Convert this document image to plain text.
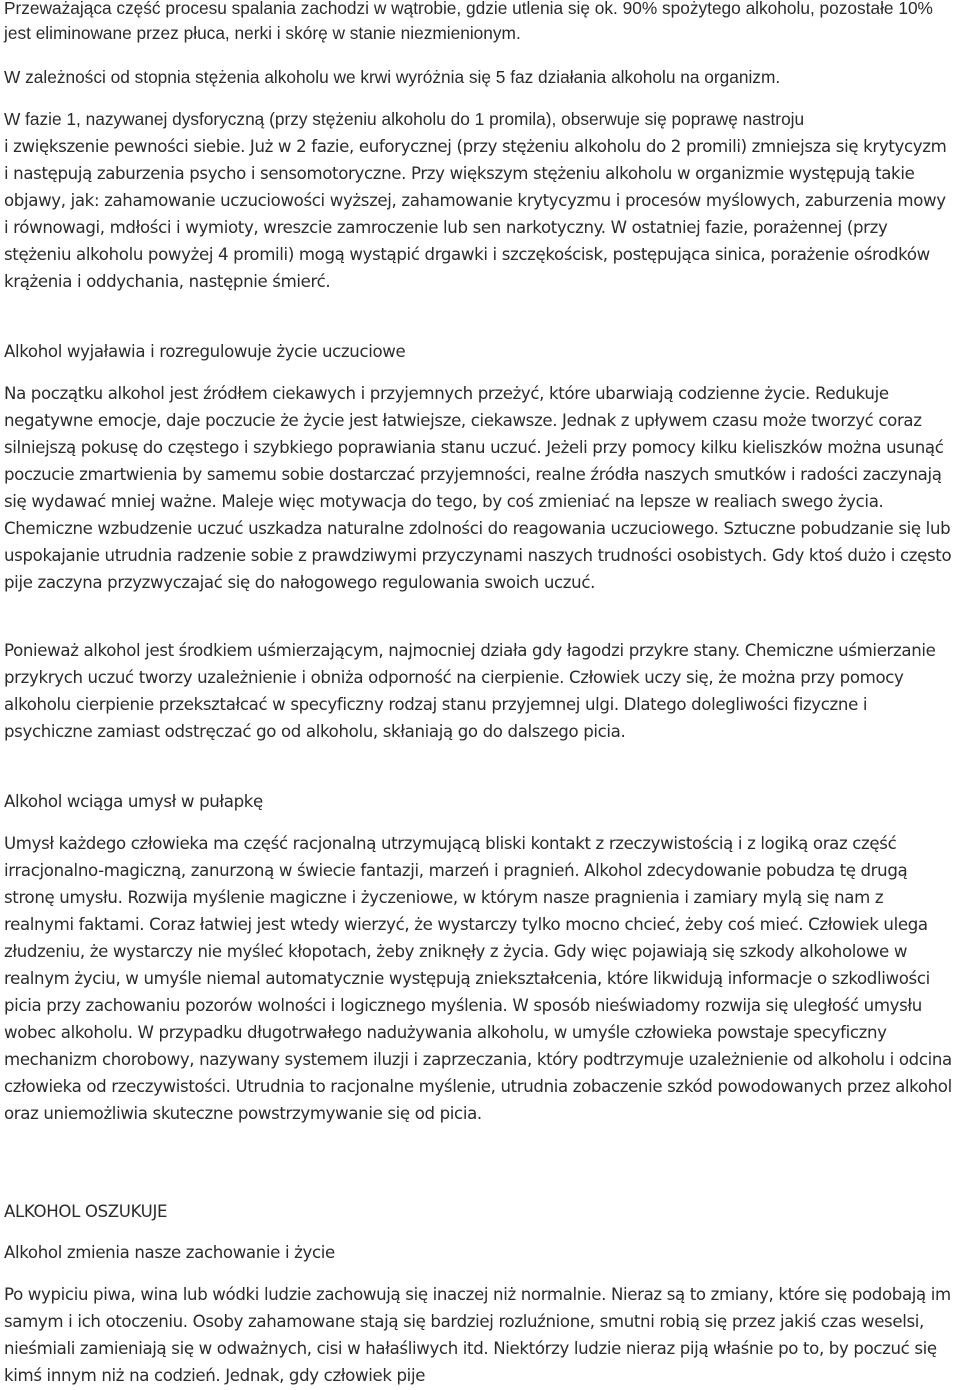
Przeważająca część procesu spalania zachodzi w wątrobie, gdzie utlenia się ok. 90% spożytego alkoholu, pozostałe 10% jest eliminowane przez płuca, nerki i skórę w stanie niezmienionym.

W zależności od stopnia stężenia alkoholu we krwi wyróżnia się 5 faz działania alkoholu na organizm.

W fazie 1, nazywanej dysforyczną (przy stężeniu alkoholu do 1 promila), obserwuje się poprawę nastroju

i zwiększenie pewności siebie. Już w 2 fazie, euforycznej (przy stężeniu alkoholu do 2 promili) zmniejsza się krytycyzm i następują zaburzenia psycho i sensomotoryczne. Przy większym stężeniu alkoholu w organizmie występują takie objawy, jak: zahamowanie uczuciowości wyższej, zahamowanie krytycyzmu i procesów myślowych, zaburzenia mowy i równowagi, mdłości i wymioty, wreszcie zamroczenie lub sen narkotyczny. W ostatniej fazie, porażennej (przy stężeniu alkoholu powyżej 4 promili) mogą wystąpić drgawki i szczękościsk, postępująca sinica, porażenie ośrodków krążenia i oddychania, następnie śmierć.

Alkohol wyjaławia i rozregulowuje życie uczuciowe

Na początku alkohol jest źródłem ciekawych i przyjemnych przeżyć, które ubarwiają codzienne życie. Redukuje negatywne emocje, daje poczucie że życie jest łatwiejsze, ciekawsze. Jednak z upływem czasu może tworzyć coraz silniejszą pokusę do częstego i szybkiego poprawiania stanu uczuć. Jeżeli przy pomocy kilku kieliszków można usunąć poczucie zmartwienia by samemu sobie dostarczać przyjemności, realne źródła naszych smutków i radości zaczynają się wydawać mniej ważne. Maleje więc motywacja do tego, by coś zmieniać na lepsze w realiach swego życia. Chemiczne wzbudzenie uczuć uszkadza naturalne zdolności do reagowania uczuciowego. Sztuczne pobudzanie się lub uspokajanie utrudnia radzenie sobie z prawdziwymi przyczynami naszych trudności osobistych. Gdy ktoś dużo i często pije zaczyna przyzwyczajać się do nałogowego regulowania swoich uczuć.

Ponieważ alkohol jest środkiem uśmierzającym, najmocniej działa gdy łagodzi przykre stany. Chemiczne uśmierzanie przykrych uczuć tworzy uzależnienie i obniża odporność na cierpienie. Człowiek uczy się, że można przy pomocy alkoholu cierpienie przekształcać w specyficzny rodzaj stanu przyjemnej ulgi. Dlatego dolegliwości fizyczne i psychiczne zamiast odstręczać go od alkoholu, skłaniają go do dalszego picia.

Alkohol wciąga umysł w pułapkę

Umysł każdego człowieka ma część racjonalną utrzymującą bliski kontakt z rzeczywistością i z logiką oraz część irracjonalno-magiczną, zanurzoną w świecie fantazji, marzeń i pragnień. Alkohol zdecydowanie pobudza tę drugą stronę umysłu. Rozwija myślenie magiczne i życzeniowe, w którym nasze pragnienia i zamiary mylą się nam z realnymi faktami. Coraz łatwiej jest wtedy wierzyć, że wystarczy tylko mocno chcieć, żeby coś mieć. Człowiek ulega złudzeniu, że wystarczy nie myśleć kłopotach, żeby zniknęły z życia. Gdy więc pojawiają się szkody alkoholowe w realnym życiu, w umyśle niemal automatycznie występują zniekształcenia, które likwidują informacje o szkodliwości picia przy zachowaniu pozorów wolności i logicznego myślenia. W sposób nieświadomy rozwija się uległość umysłu wobec alkoholu. W przypadku długotrwałego nadużywania alkoholu, w umyśle człowieka powstaje specyficzny mechanizm chorobowy, nazywany systemem iluzji i zaprzeczania, który podtrzymuje uzależnienie od alkoholu i odcina człowieka od rzeczywistości. Utrudnia to racjonalne myślenie, utrudnia zobaczenie szkód powodowanych przez alkohol oraz uniemożliwia skuteczne powstrzymywanie się od picia.

ALKOHOL OSZUKUJE
Alkohol zmienia nasze zachowanie i życie

Po wypiciu piwa, wina lub wódki ludzie zachowują się inaczej niż normalnie. Nieraz są to zmiany, które się podobają im samym i ich otoczeniu. Osoby zahamowane stają się bardziej rozluźnione, smutni robią się przez jakiś czas weselsi, nieśmiali zamieniają się w odważnych, cisi w hałaśliwych itd. Niektórzy ludzie nieraz piją właśnie po to, by poczuć się kimś innym niż na codzień. Jednak, gdy człowiek pije
